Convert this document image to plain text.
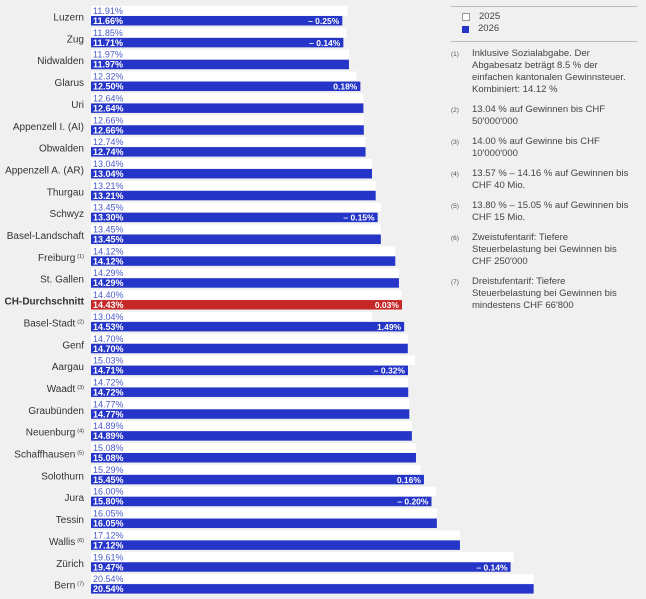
Luzern
11.91%
11.66%	– 0.25%
Zug
11.85%
11.71%	– 0.14%
Nidwalden
11.97%
11.97%
Glarus
12.32%
12.50%	0.18%
Uri
12.64%
12.64%
Appenzell I. (AI)
12.66%
12.66%
Obwalden
12.74%
12.74%
Appenzell A. (AR)
13.04%
13.04%
Thurgau
13.21%
13.21%
Schwyz
13.45%
13.30%	– 0.15%
Basel-Landschaft
13.45%
13.45%
Freiburg $^{(1)}$
14.12%
14.12%
St. Gallen
14.29%
14.29%
CH-Durchschnitt
14.40%
14.43%	0.03%
Basel-Stadt $^{(2)}$
13.04%
14.53%	1.49%
Genf
14.70%
14.70%
Aargau
15.03%
14.71%	– 0.32%
Waadt $^{(3)}$
14.72%
14.72%
Graubünden
14.77%
14.77%
Neuenburg $^{(4)}$
14.89%
14.89%
Schaffhausen $^{(5)}$
15.08%
15.08%
Solothurn
15.29%
15.45%	0.16%
Jura
16.00%
15.80%	– 0.20%
Tessin
16.05%
16.05%
Wallis $^{(6)}$
17.12%
17.12%
Zürich
19.61%
19.47%	– 0.14%
Bern $^{(7)}$
20.54%
20.54%
2025
2026
(1)	Inklusive Sozialabgabe. Der Abgabesatz beträgt 8.5 % der einfachen kantonalen Gewinnsteuer. Kombiniert: 14.12 %
(2)	13.04 % auf Gewinnen bis CHF 50'000'000
(3)	14.00 % auf Gewinne bis CHF 10'000'000
(4)	13.57 % – 14.16 % auf Gewinnen bis CHF 40 Mio.
(5)	13.80 % – 15.05 % auf Gewinnen bis CHF 15 Mio.
(6)	Zweistufentarif: Tiefere Steuerbelastung bei Gewinnen bis CHF 250'000
(7)	Dreistufentarif: Tiefere Steuerbelastung bei Gewinnen bis mindestens CHF 66'800
